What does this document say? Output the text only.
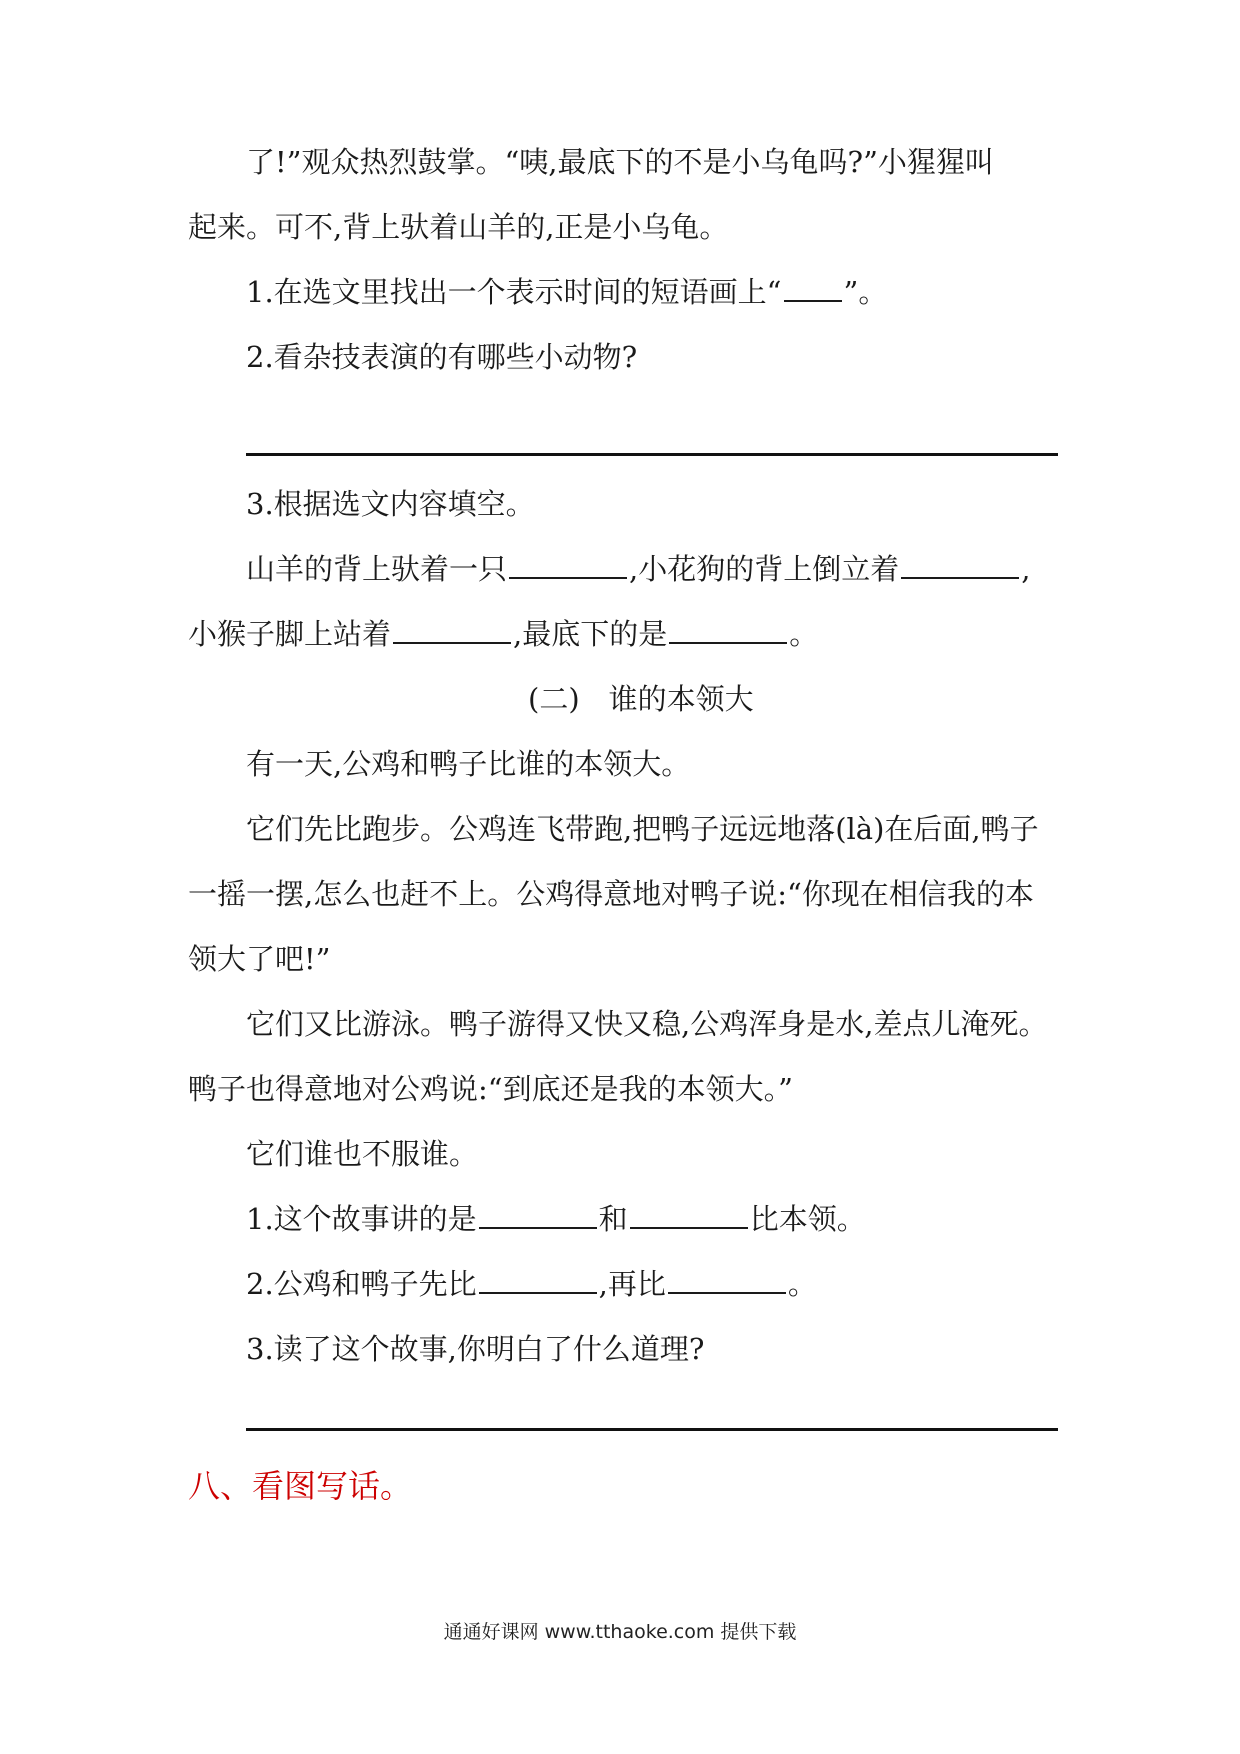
了!”观众热烈鼓掌。“咦,最底下的不是小乌龟吗?”小猩猩叫
起来。可不,背上驮着山羊的,正是小乌龟。
1.在选文里找出一个表示时间的短语画上“ ”。
2.看杂技表演的有哪些小动物?
3.根据选文内容填空。
山羊的背上驮着一只	,小花狗的背上倒立着	,
小猴子脚上站着	,最底下的是	。
(二)　谁的本领大
有一天,公鸡和鸭子比谁的本领大。
它们先比跑步。公鸡连飞带跑,把鸭子远远地落(là)在后面,鸭子
一摇一摆,怎么也赶不上。公鸡得意地对鸭子说:“你现在相信我的本
领大了吧!”
它们又比游泳。鸭子游得又快又稳,公鸡浑身是水,差点儿淹死。
鸭子也得意地对公鸡说:“到底还是我的本领大。”
它们谁也不服谁。
1.这个故事讲的是	和	比本领。
2.公鸡和鸭子先比	,再比	。
3.读了这个故事,你明白了什么道理?
八、看图写话。
通通好课网 www.tthaoke.com 提供下载
